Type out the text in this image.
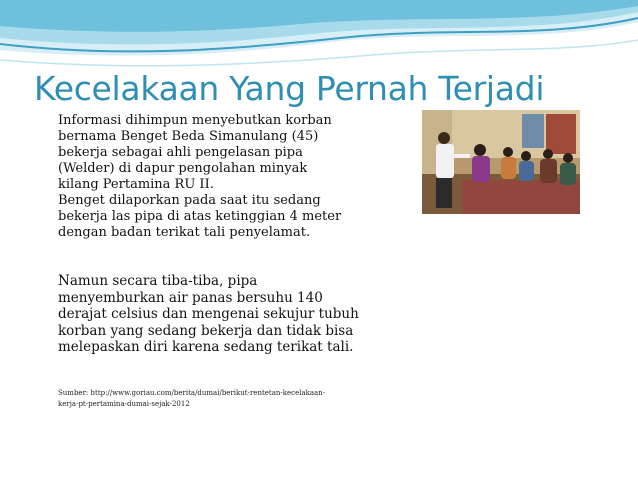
Kecelakaan Yang Pernah Terjadi
Informasi dihimpun menyebutkan korban
bernama Benget Beda Simanulang (45)
bekerja sebagai ahli pengelasan pipa
(Welder) di dapur pengolahan minyak
kilang Pertamina RU II.
Benget dilaporkan pada saat itu sedang
bekerja las pipa di atas ketinggian 4 meter
dengan badan terikat tali penyelamat.
Namun secara tiba-tiba, pipa
menyemburkan air panas bersuhu 140
derajat celsius dan mengenai sekujur tubuh
korban yang sedang bekerja dan tidak bisa
melepaskan diri karena sedang terikat tali.
Sumber: http://www.goriau.com/berita/dumai/berikut-rentetan-kecelakaan-
kerja-pt-pertamina-dumai-sejak-2012
